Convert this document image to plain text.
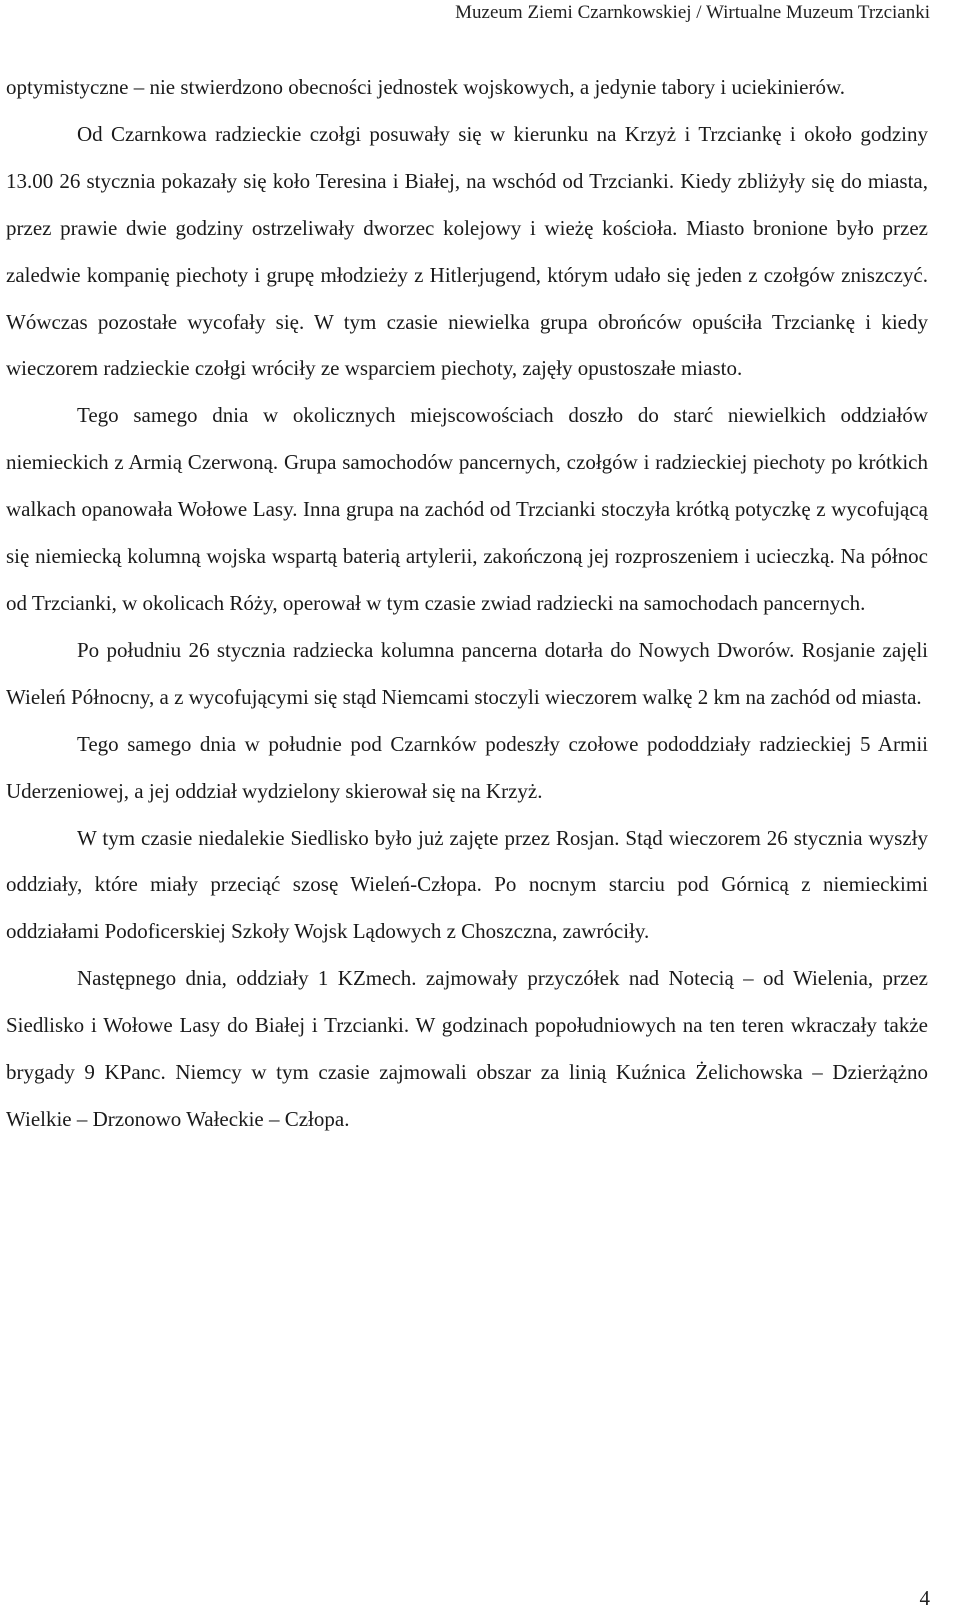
Muzeum Ziemi Czarnkowskiej / Wirtualne Muzeum Trzcianki

optymistyczne – nie stwierdzono obecności jednostek wojskowych, a jedynie tabory i uciekinierów.

Od Czarnkowa radzieckie czołgi posuwały się w kierunku na Krzyż i Trzciankę i około godziny 13.00 26 stycznia pokazały się koło Teresina i Białej, na wschód od Trzcianki. Kiedy zbliżyły się do miasta, przez prawie dwie godziny ostrzeliwały dworzec kolejowy i wieżę kościoła. Miasto bronione było przez zaledwie kompanię piechoty i grupę młodzieży z Hitlerjugend, którym udało się jeden z czołgów zniszczyć. Wówczas pozostałe wycofały się. W tym czasie niewielka grupa obrońców opuściła Trzciankę i kiedy wieczorem radzieckie czołgi wróciły ze wsparciem piechoty, zajęły opustoszałe miasto.

Tego samego dnia w okolicznych miejscowościach doszło do starć niewielkich oddziałów niemieckich z Armią Czerwoną. Grupa samochodów pancernych, czołgów i radzieckiej piechoty po krótkich walkach opanowała Wołowe Lasy. Inna grupa na zachód od Trzcianki stoczyła krótką potyczkę z wycofującą się niemiecką kolumną wojska wspartą baterią artylerii, zakończoną jej rozproszeniem i ucieczką. Na północ od Trzcianki, w okolicach Róży, operował w tym czasie zwiad radziecki na samochodach pancernych.

Po południu 26 stycznia radziecka kolumna pancerna dotarła do Nowych Dworów. Rosjanie zajęli Wieleń Północny, a z wycofującymi się stąd Niemcami stoczyli wieczorem walkę 2 km na zachód od miasta.

Tego samego dnia w południe pod Czarnków podeszły czołowe pododdziały radzieckiej 5 Armii Uderzeniowej, a jej oddział wydzielony skierował się na Krzyż.

W tym czasie niedalekie Siedlisko było już zajęte przez Rosjan. Stąd wieczorem 26 stycznia wyszły oddziały, które miały przeciąć szosę Wieleń-Człopa. Po nocnym starciu pod Górnicą z niemieckimi oddziałami Podoficerskiej Szkoły Wojsk Lądowych z Choszczna, zawróciły.

Następnego dnia, oddziały 1 KZmech. zajmowały przyczółek nad Notecią – od Wielenia, przez Siedlisko i Wołowe Lasy do Białej i Trzcianki. W godzinach popołudniowych na ten teren wkraczały także brygady 9 KPanc. Niemcy w tym czasie zajmowali obszar za linią Kuźnica Żelichowska – Dzierżążno Wielkie – Drzonowo Wałeckie – Człopa.

4
